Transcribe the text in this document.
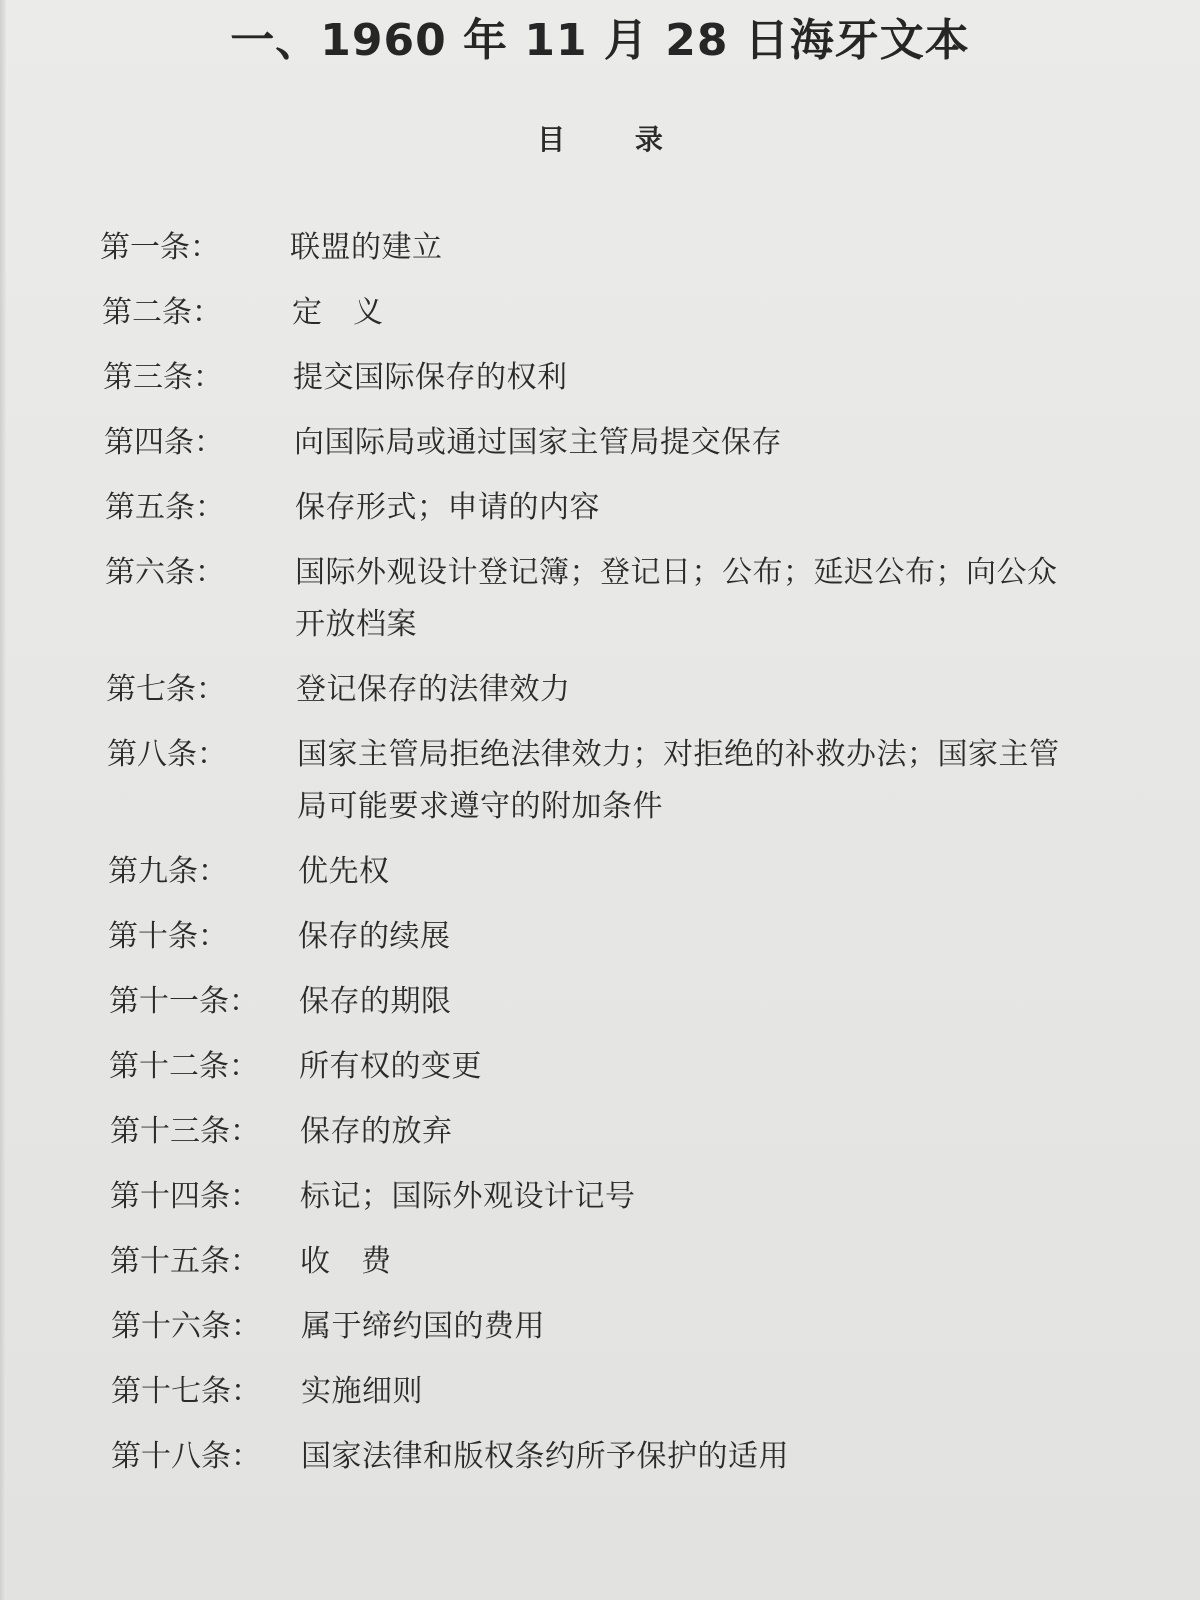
一、1960 年 11 月 28 日海牙文本
目 录
第一条：	联盟的建立
第二条：	定　义
第三条：	提交国际保存的权利
第四条：	向国际局或通过国家主管局提交保存
第五条：	保存形式；申请的内容
第六条：	国际外观设计登记簿；登记日；公布；延迟公布；向公众开放档案
第七条：	登记保存的法律效力
第八条：	国家主管局拒绝法律效力；对拒绝的补救办法；国家主管局可能要求遵守的附加条件
第九条：	优先权
第十条：	保存的续展
第十一条：	保存的期限
第十二条：	所有权的变更
第十三条：	保存的放弃
第十四条：	标记；国际外观设计记号
第十五条：	收　费
第十六条：	属于缔约国的费用
第十七条：	实施细则
第十八条：	国家法律和版权条约所予保护的适用
